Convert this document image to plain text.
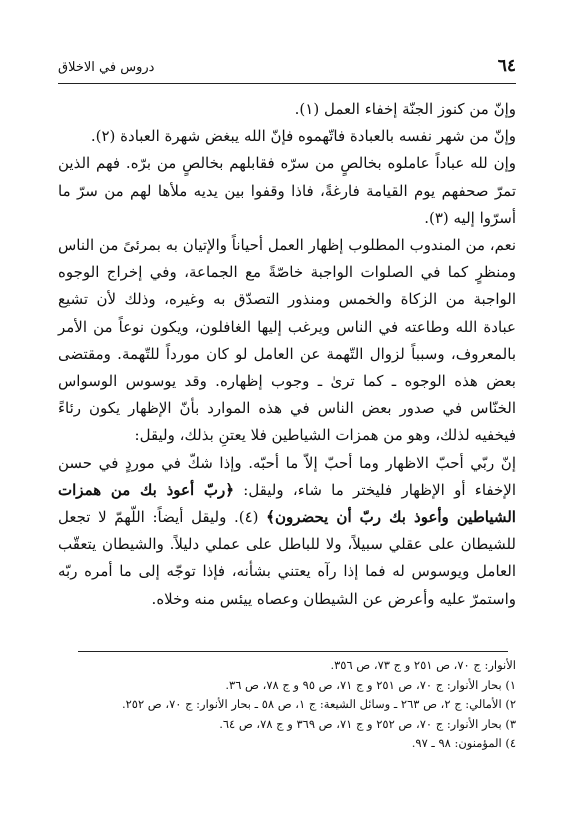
٦٤
دروس في الاخلاق

وإنّ من كنوز الجنّة إخفاء العمل (١).

وإنّ من شهر نفسه بالعبادة فاتّهموه فإنّ الله يبغض شهرة العبادة (٢).

وإن لله عباداً عاملوه بخالصٍ من سرّه فقابلهم بخالصٍ من برّه. فهم الذين تمرّ صحفهم يوم القيامة فارغةً، فاذا وقفوا بين يديه ملأها لهم من سرّ ما أسرّوا إليه (٣).

نعم، من المندوب المطلوب إظهار العمل أحياناً والإتيان به بمرئىً من الناس ومنظرٍ كما في الصلوات الواجبة خاصّةً مع الجماعة، وفي إخراج الوجوه الواجبة من الزكاة والخمس ومنذور التصدّق به وغيره، وذلك لأن تشيع عبادة الله وطاعته في الناس ويرغب إليها الغافلون، ويكون نوعاً من الأمر بالمعروف، وسبباً لزوال التّهمة عن العامل لو كان مورداً للتّهمة. ومقتضى بعض هذه الوجوه ـ كما ترىٰ ـ وجوب إظهاره. وقد يوسوس الوسواس الخنّاس في صدور بعض الناس في هذه الموارد بأنّ الإظهار يكون رئاءً فيخفيه لذلك، وهو من همزات الشياطين فلا يعتنِ بذلك، وليقل:

إنّ ربّي أحبّ الاظهار وما أحبّ إلاّ ما أحبّه. وإذا شكّ في موردٍ في حسن الإخفاء أو الإظهار فليختر ما شاء، وليقل: ﴿ربّ أعوذ بك من همزات الشياطين وأعوذ بك ربّ أن يحضرون﴾ (٤). وليقل أيضاً: اللّهمّ لا تجعل للشيطان على عقلي سبيلاً، ولا للباطل على عملي دليلاً. والشيطان يتعقّب العامل ويوسوس له فما إذا رآه يعتني بشأنه، فإذا توجّه إلى ما أمره ربّه واستمرّ عليه وأعرض عن الشيطان وعصاه ييئس منه وخلاه.

الأنوار: ج ٧٠، ص ٢٥١ و ج ٧٣، ص ٣٥٦.
١) بحار الأنوار: ج ٧٠، ص ٢٥١ و ج ٧١، ص ٩٥ و ج ٧٨، ص ٣٦.
٢) الأمالي: ج ٢، ص ٢٦٣ ـ وسائل الشيعة: ج ١، ص ٥٨ ـ بحار الأنوار: ج ٧٠، ص ٢٥٢.
٣) بحار الأنوار: ج ٧٠، ص ٢٥٢ و ج ٧١، ص ٣٦٩ و ج ٧٨، ص ٦٤.
٤) المؤمنون: ٩٨ ـ ٩٧.
